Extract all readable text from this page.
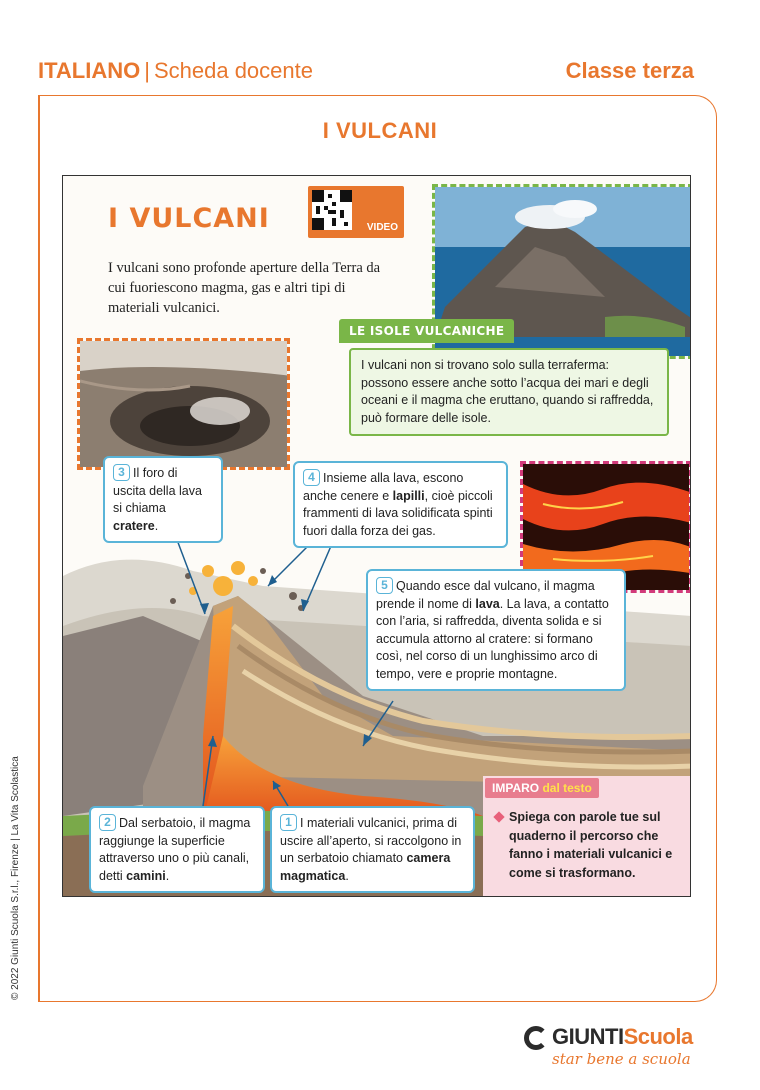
ITALIANO | Scheda docente	Classe terza
I VULCANI
I VULCANI	VIDEO
I vulcani sono profonde aperture della Terra da cui fuoriescono magma, gas e altri tipi di materiali vulcanici.
LE ISOLE VULCANICHE
I vulcani non si trovano solo sulla terraferma: possono essere anche sotto l’acqua dei mari e degli oceani e il magma che eruttano, quando si raffredda, può formare delle isole.
3 Il foro di uscita della lava si chiama cratere.
4 Insieme alla lava, escono anche cenere e lapilli, cioè piccoli frammenti di lava solidificata spinti fuori dalla forza dei gas.
5 Quando esce dal vulcano, il magma prende il nome di lava. La lava, a contatto con l’aria, si raffredda, diventa solida e si accumula attorno al cratere: si formano così, nel corso di un lunghissimo arco di tempo, vere e proprie montagne.
2 Dal serbatoio, il magma raggiunge la superficie attraverso uno o più canali, detti camini.
1 I materiali vulcanici, prima di uscire all’aperto, si raccolgono in un serbatoio chiamato camera magmatica.
IMPARO dal testo
Spiega con parole tue sul quaderno il percorso che fanno i materiali vulcanici e come si trasformano.
© 2022 Giunti Scuola S.r.l., Firenze | La Vita Scolastica
GIUNTIScuola
star bene a scuola
